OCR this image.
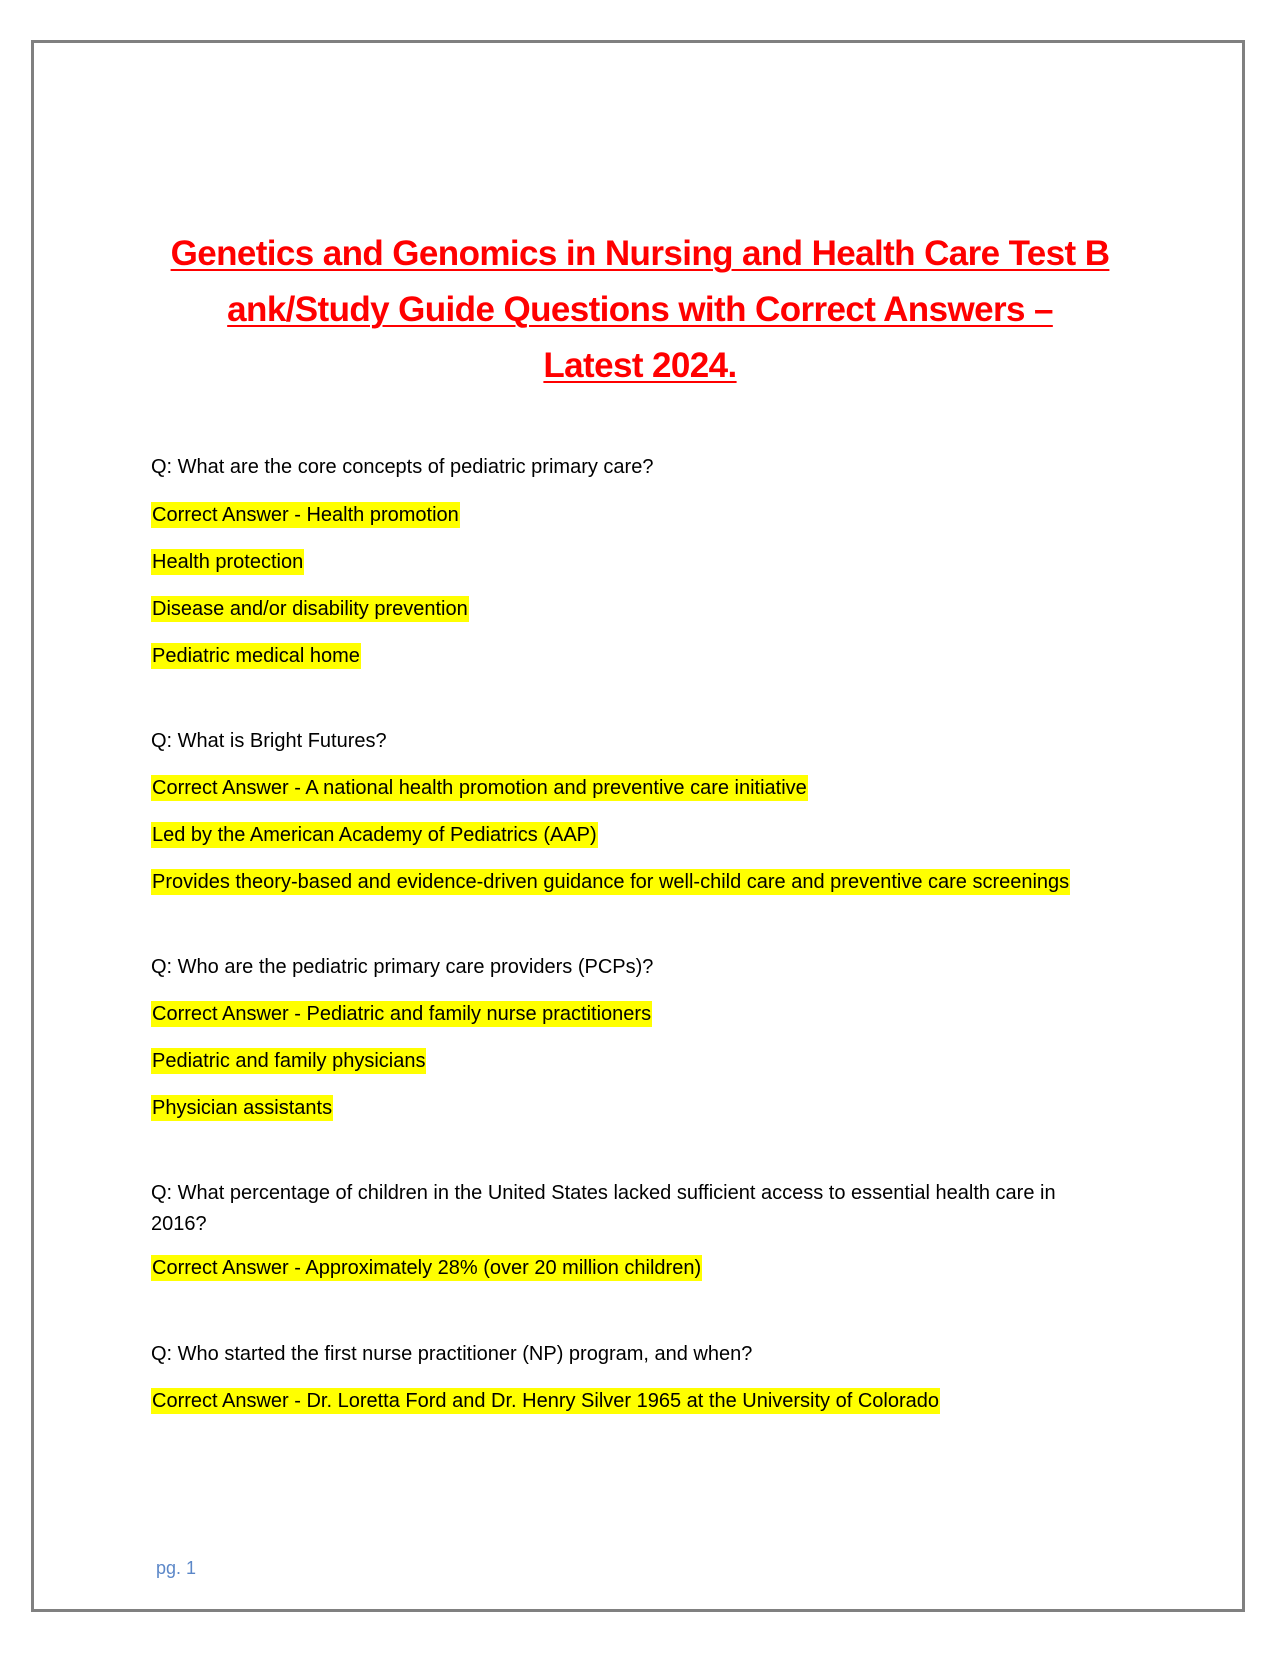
Genetics and Genomics in Nursing and Health Care Test B
ank/Study Guide Questions with Correct Answers –
Latest 2024.

Q: What are the core concepts of pediatric primary care?

Correct Answer - Health promotion

Health protection

Disease and/or disability prevention

Pediatric medical home

Q: What is Bright Futures?

Correct Answer - A national health promotion and preventive care initiative

Led by the American Academy of Pediatrics (AAP)

Provides theory-based and evidence-driven guidance for well-child care and preventive care screenings

Q: Who are the pediatric primary care providers (PCPs)?

Correct Answer - Pediatric and family nurse practitioners

Pediatric and family physicians

Physician assistants

Q: What percentage of children in the United States lacked sufficient access to essential health care in
2016?

Correct Answer - Approximately 28% (over 20 million children)

Q: Who started the first nurse practitioner (NP) program, and when?

Correct Answer - Dr. Loretta Ford and Dr. Henry Silver 1965 at the University of Colorado

pg. 1
